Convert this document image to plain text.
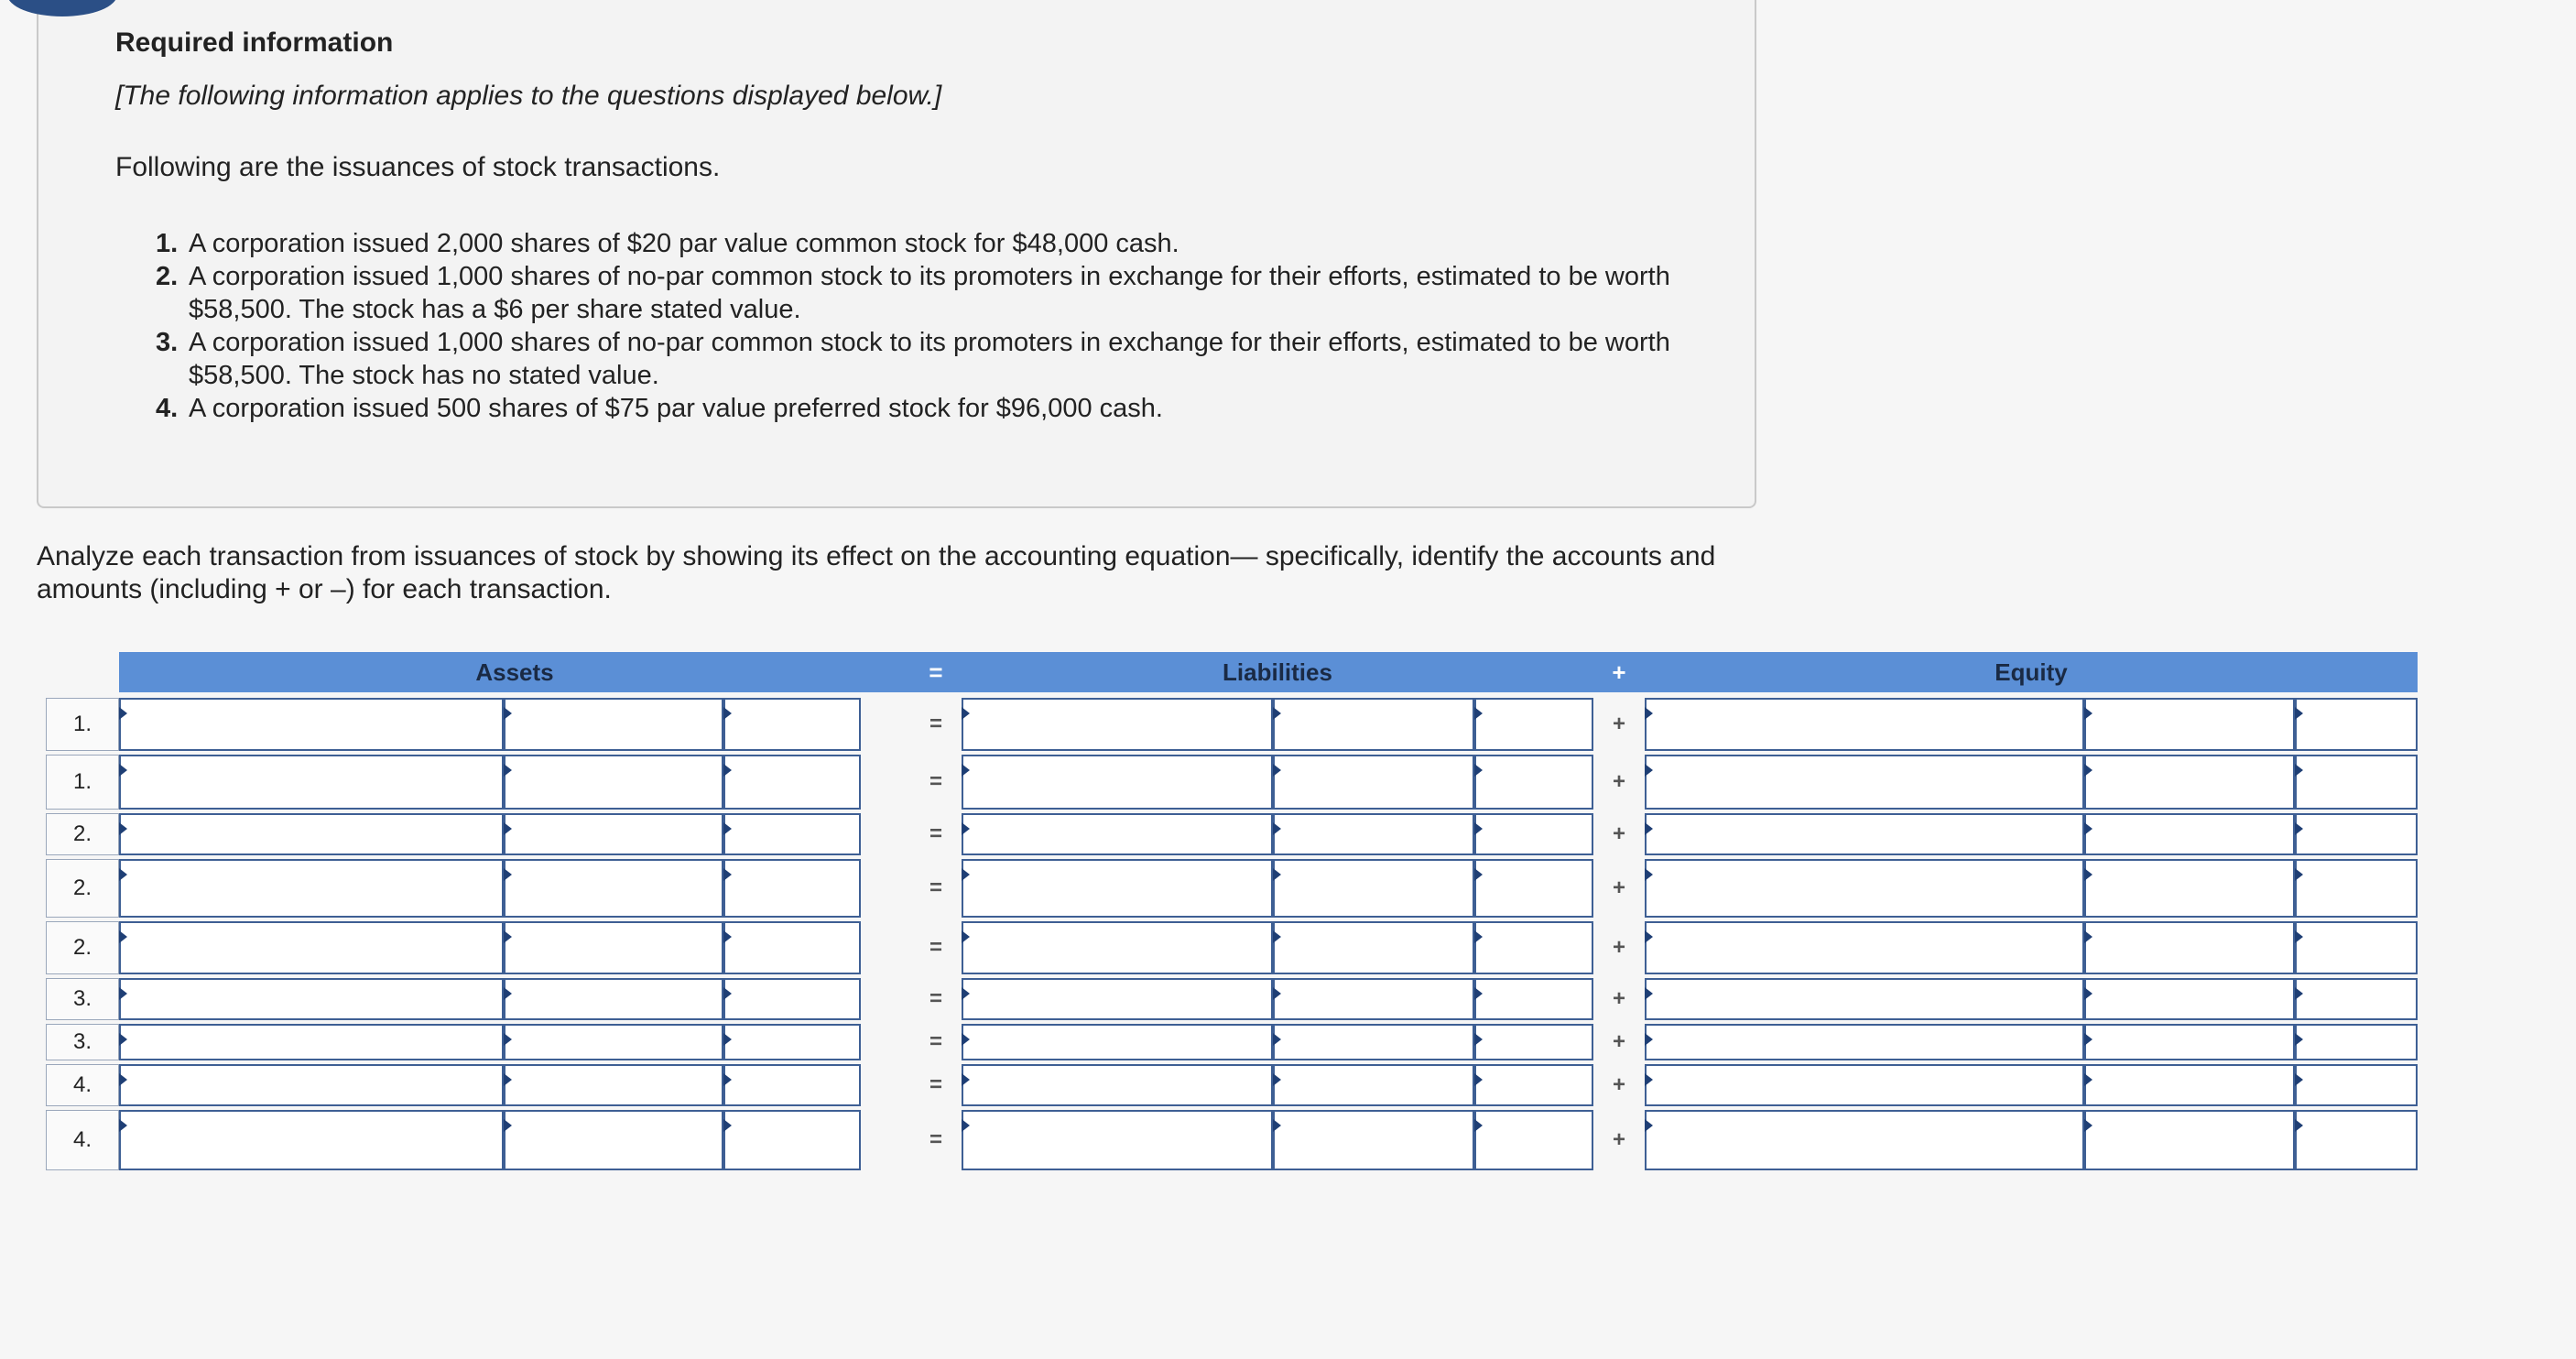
Required information
[The following information applies to the questions displayed below.]
Following are the issuances of stock transactions.
1. A corporation issued 2,000 shares of $20 par value common stock for $48,000 cash.
2. A corporation issued 1,000 shares of no-par common stock to its promoters in exchange for their efforts, estimated to be worth $58,500. The stock has a $6 per share stated value.
3. A corporation issued 1,000 shares of no-par common stock to its promoters in exchange for their efforts, estimated to be worth $58,500. The stock has no stated value.
4. A corporation issued 500 shares of $75 par value preferred stock for $96,000 cash.
Analyze each transaction from issuances of stock by showing its effect on the accounting equation— specifically, identify the accounts and amounts (including + or –) for each transaction.
Assets	=	Liabilities	+	Equity
1.	=	+
1.	=	+
2.	=	+
2.	=	+
2.	=	+
3.	=	+
3.	=	+
4.	=	+
4.	=	+
